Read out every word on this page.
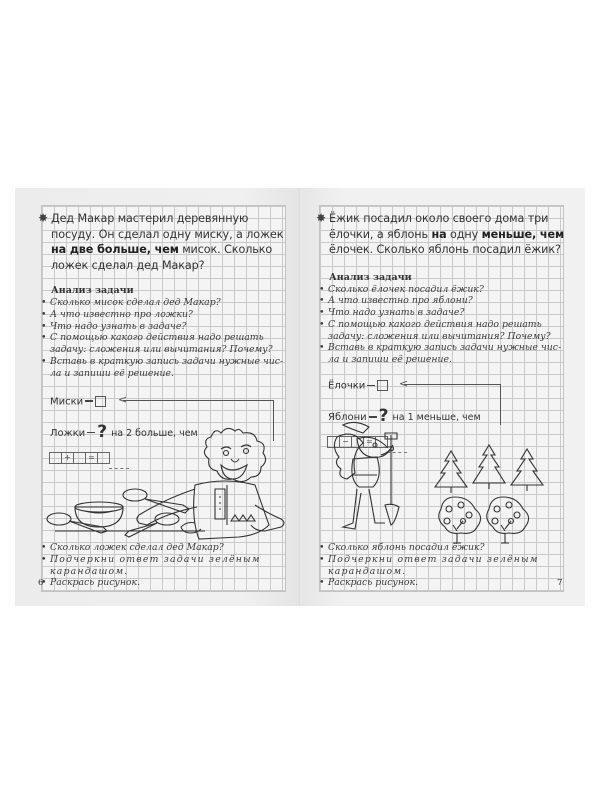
✸ Дед Макар мастерил деревянную посуду. Он сделал одну миску, а ложек на две больше, чем мисок. Сколько ложек сделал дед Макар?
Анализ задачи
• Сколько мисок сделал дед Макар?
• А что известно про ложки?
• Что надо узнать в задаче?
• С помощью какого действия надо решать задачу: сложения или вычитания? Почему?
• Вставь в краткую запись задачи нужные числа и запиши её решение.
Миски	<
Ложки ? на 2 больше, чем
+	=
• Сколько ложек сделал дед Макар?
• Подчеркни ответ задачи зелёным карандашом.
• Раскрась рисунок.
6
✸ Ёжик посадил около своего дома три ёлочки, а яблонь на одну меньше, чем ёлочек. Сколько яблонь посадил ёжик?
Анализ задачи
• Сколько ёлочек посадил ёжик?
• А что известно про яблони?
• Что надо узнать в задаче?
• С помощью какого действия надо решать задачу: сложения или вычитания? Почему?
• Вставь в краткую запись задачи нужные числа и запиши её решение.
Ёлочки	<
Яблони ? на 1 меньше, чем
−	=
• Сколько яблонь посадил ёжик?
• Подчеркни ответ задачи зелёным карандашом.
• Раскрась рисунок.	7
